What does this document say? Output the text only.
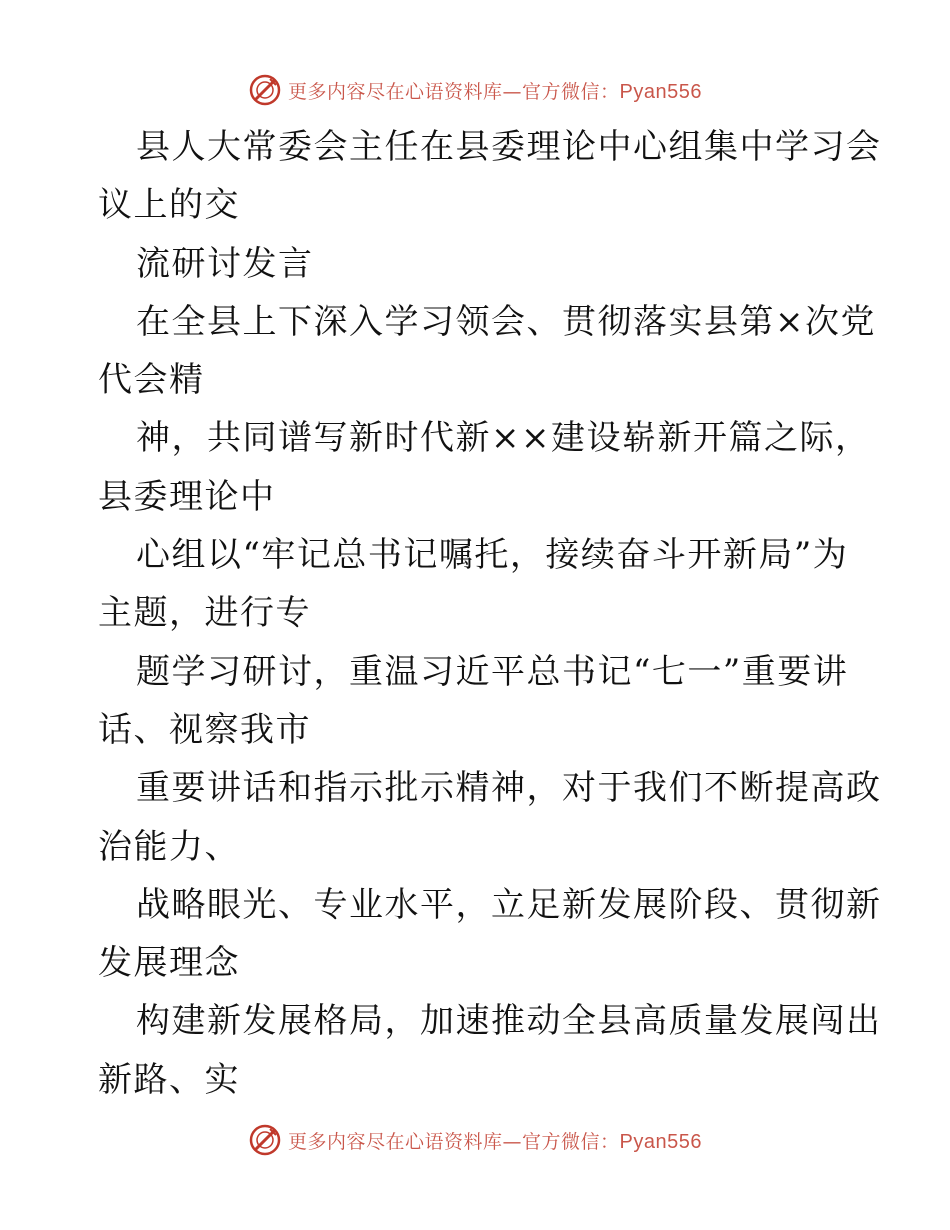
更多内容尽在心语资料库—官方微信：Pyan556
县人大常委会主任在县委理论中心组集中学习会
议上的交
流研讨发言
在全县上下深入学习领会、贯彻落实县第×次党
代会精
神，共同谱写新时代新××建设崭新开篇之际，
县委理论中
心组以“牢记总书记嘱托，接续奋斗开新局”为
主题，进行专
题学习研讨，重温习近平总书记“七一”重要讲
话、视察我市
重要讲话和指示批示精神，对于我们不断提高政
治能力、
战略眼光、专业水平，立足新发展阶段、贯彻新
发展理念
构建新发展格局，加速推动全县高质量发展闯出
新路、实
更多内容尽在心语资料库—官方微信：Pyan556
